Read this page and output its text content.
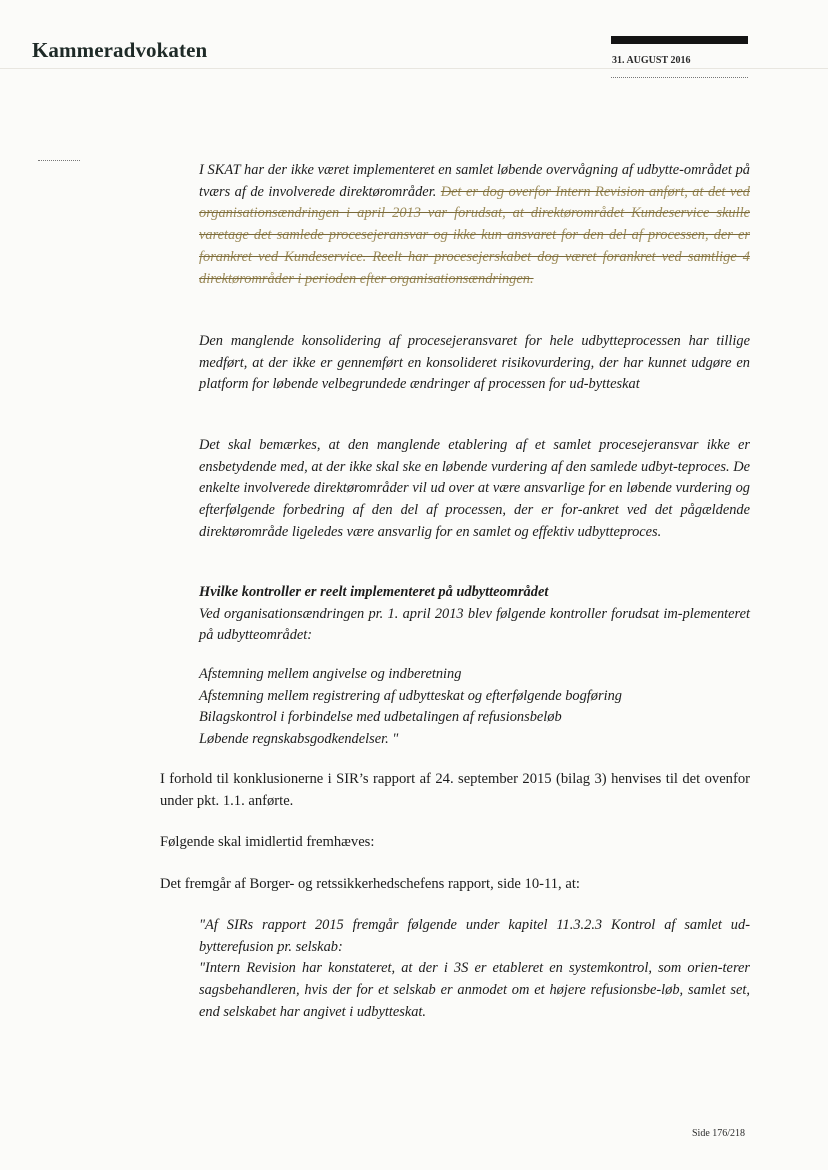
Kammeradvokaten	31. AUGUST 2016

I SKAT har der ikke været implementeret en samlet løbende overvågning af udbytte-området på tværs af de involverede direktørområder. Det er dog overfor Intern Revision anført, at det ved organisationsændringen i april 2013 var forudsat, at direktørområdet Kundeservice skulle varetage det samlede procesejeransvar og ikke kun ansvaret for den del af processen, der er forankret ved Kundeservice. Reelt har procesejerskabet dog været forankret ved samtlige 4 direktørområder i perioden efter organisationsændringen.

Den manglende konsolidering af procesejeransvaret for hele udbytteprocessen har tillige medført, at der ikke er gennemført en konsolideret risikovurdering, der har kunnet udgøre en platform for løbende velbegrundede ændringer af processen for ud-bytteskat

Det skal bemærkes, at den manglende etablering af et samlet procesejeransvar ikke er ensbetydende med, at der ikke skal ske en løbende vurdering af den samlede udbyt-teproces. De enkelte involverede direktørområder vil ud over at være ansvarlige for en løbende vurdering og efterfølgende forbedring af den del af processen, der er for-ankret ved det pågældende direktørområde ligeledes være ansvarlig for en samlet og effektiv udbytteproces.

Hvilke kontroller er reelt implementeret på udbytteområdet
Ved organisationsændringen pr. 1. april 2013 blev følgende kontroller forudsat im-plementeret på udbytteområdet:
Afstemning mellem angivelse og indberetning
Afstemning mellem registrering af udbytteskat og efterfølgende bogføring
Bilagskontrol i forbindelse med udbetalingen af refusionsbeløb
Løbende regnskabsgodkendelser. "

I forhold til konklusionerne i SIR’s rapport af 24. september 2015 (bilag 3) henvises til det ovenfor under pkt. 1.1. anførte.

Følgende skal imidlertid fremhæves:

Det fremgår af Borger- og retssikkerhedschefens rapport, side 10-11, at:

"Af SIRs rapport 2015 fremgår følgende under kapitel 11.3.2.3 Kontrol af samlet ud-bytterefusion pr. selskab:
"Intern Revision har konstateret, at der i 3S er etableret en systemkontrol, som orien-terer sagsbehandleren, hvis der for et selskab er anmodet om et højere refusionsbe-løb, samlet set, end selskabet har angivet i udbytteskat.
Side 176/218
